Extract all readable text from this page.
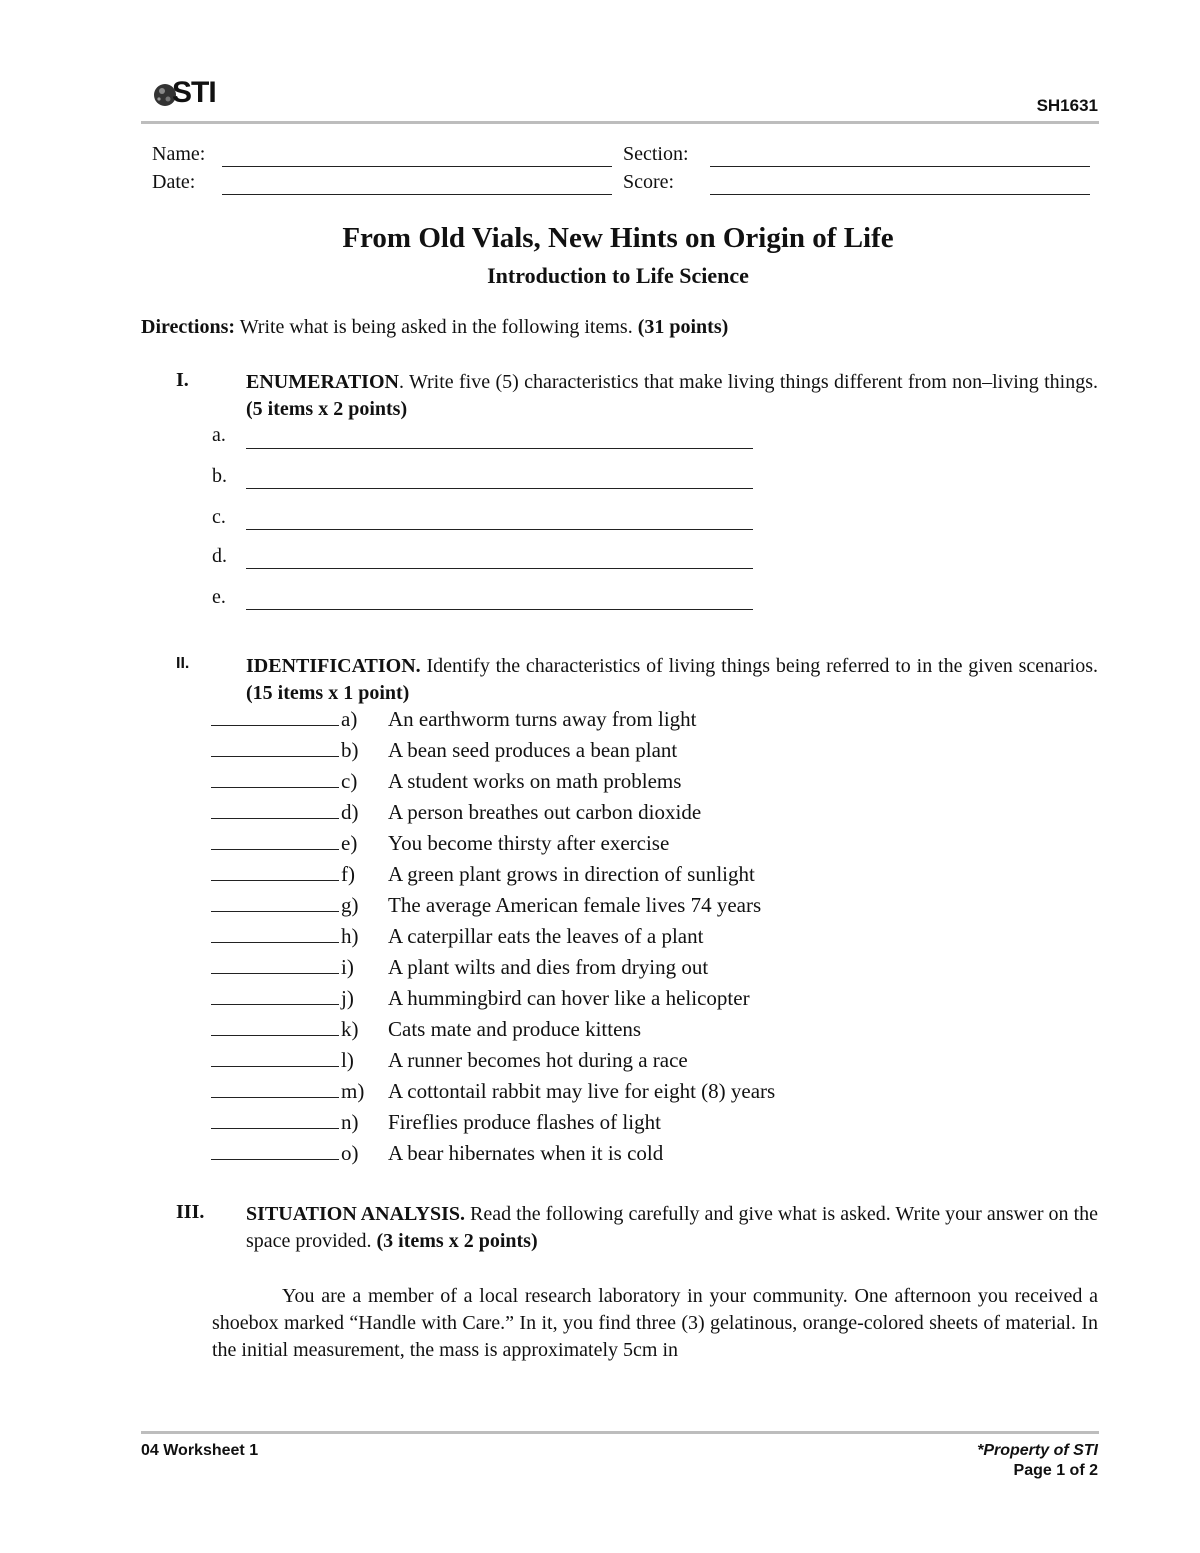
STI	SH1631
Name:	Section:
Date:	Score:
From Old Vials, New Hints on Origin of Life
Introduction to Life Science
Directions: Write what is being asked in the following items. (31 points)
I.	ENUMERATION. Write five (5) characteristics that make living things different from non–living things. (5 items x 2 points)
a.
b.
c.
d.
e.
II.	IDENTIFICATION. Identify the characteristics of living things being referred to in the given scenarios. (15 items x 1 point)
a) An earthworm turns away from light
b) A bean seed produces a bean plant
c) A student works on math problems
d) A person breathes out carbon dioxide
e) You become thirsty after exercise
f) A green plant grows in direction of sunlight
g) The average American female lives 74 years
h) A caterpillar eats the leaves of a plant
i) A plant wilts and dies from drying out
j) A hummingbird can hover like a helicopter
k) Cats mate and produce kittens
l) A runner becomes hot during a race
m) A cottontail rabbit may live for eight (8) years
n) Fireflies produce flashes of light
o) A bear hibernates when it is cold
III. SITUATION ANALYSIS. Read the following carefully and give what is asked. Write your answer on the space provided. (3 items x 2 points)
You are a member of a local research laboratory in your community. One afternoon you received a shoebox marked “Handle with Care.” In it, you find three (3) gelatinous, orange-colored sheets of material. In the initial measurement, the mass is approximately 5cm in
04 Worksheet 1	*Property of STI
Page 1 of 2
